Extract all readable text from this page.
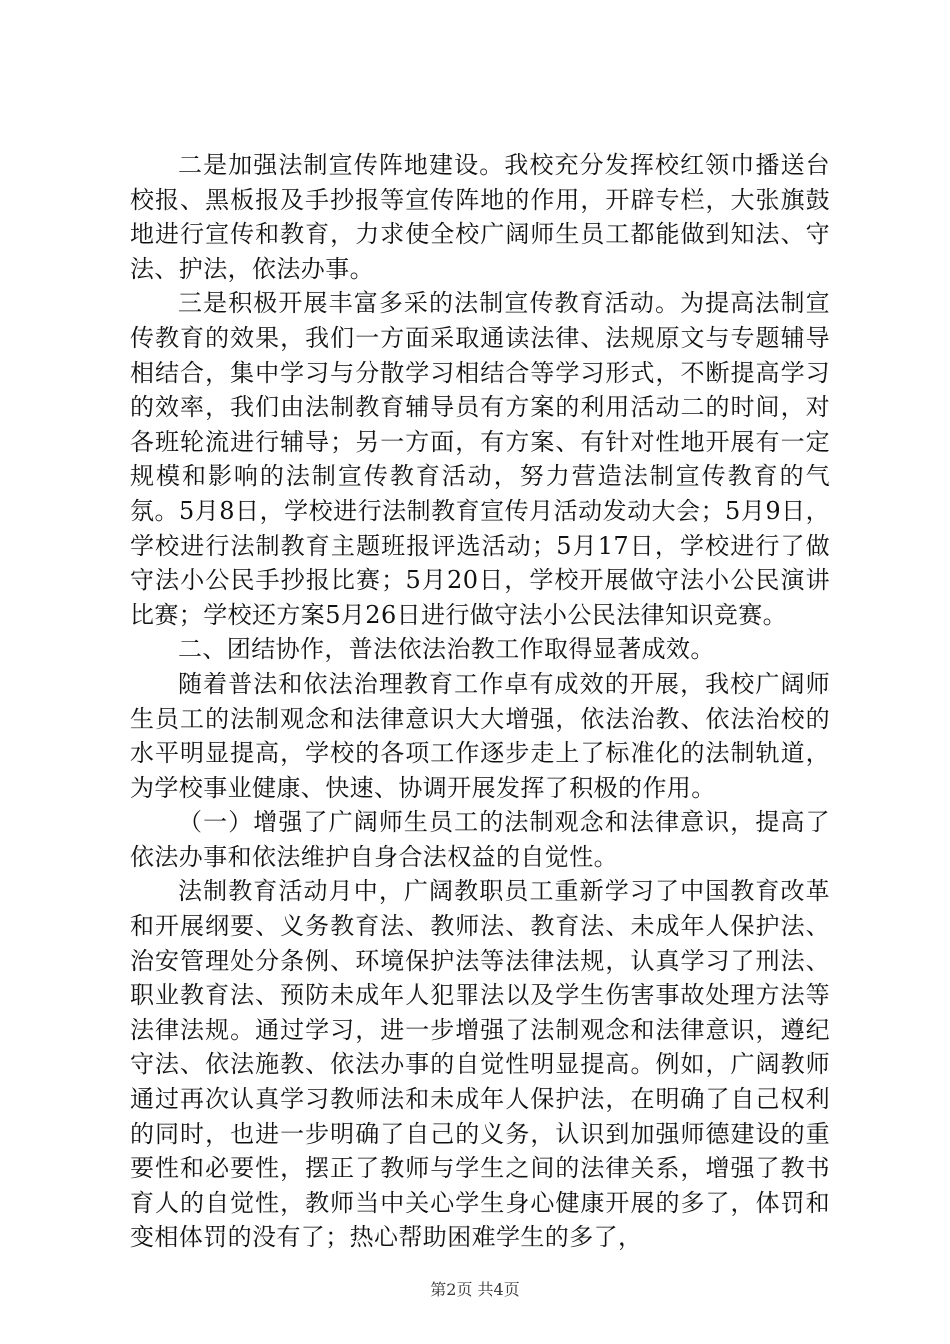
二是加强法制宣传阵地建设。我校充分发挥校红领巾播送台校报、黑板报及手抄报等宣传阵地的作用，开辟专栏，大张旗鼓地进行宣传和教育，力求使全校广阔师生员工都能做到知法、守法、护法，依法办事。

三是积极开展丰富多采的法制宣传教育活动。为提高法制宣传教育的效果，我们一方面采取通读法律、法规原文与专题辅导相结合，集中学习与分散学习相结合等学习形式，不断提高学习的效率，我们由法制教育辅导员有方案的利用活动二的时间，对各班轮流进行辅导；另一方面，有方案、有针对性地开展有一定规模和影响的法制宣传教育活动，努力营造法制宣传教育的气氛。5月8日，学校进行法制教育宣传月活动发动大会；5月9日，学校进行法制教育主题班报评选活动；5月17日，学校进行了做守法小公民手抄报比赛；5月20日，学校开展做守法小公民演讲比赛；学校还方案5月26日进行做守法小公民法律知识竞赛。

二、团结协作，普法依法治教工作取得显著成效。

随着普法和依法治理教育工作卓有成效的开展，我校广阔师生员工的法制观念和法律意识大大增强，依法治教、依法治校的水平明显提高，学校的各项工作逐步走上了标准化的法制轨道，为学校事业健康、快速、协调开展发挥了积极的作用。

（一）增强了广阔师生员工的法制观念和法律意识，提高了依法办事和依法维护自身合法权益的自觉性。

法制教育活动月中，广阔教职员工重新学习了中国教育改革和开展纲要、义务教育法、教师法、教育法、未成年人保护法、治安管理处分条例、环境保护法等法律法规，认真学习了刑法、职业教育法、预防未成年人犯罪法以及学生伤害事故处理方法等法律法规。通过学习，进一步增强了法制观念和法律意识，遵纪守法、依法施教、依法办事的自觉性明显提高。例如，广阔教师通过再次认真学习教师法和未成年人保护法，在明确了自己权利的同时，也进一步明确了自己的义务，认识到加强师德建设的重要性和必要性，摆正了教师与学生之间的法律关系，增强了教书育人的自觉性，教师当中关心学生身心健康开展的多了，体罚和变相体罚的没有了；热心帮助困难学生的多了，

第2页 共4页
